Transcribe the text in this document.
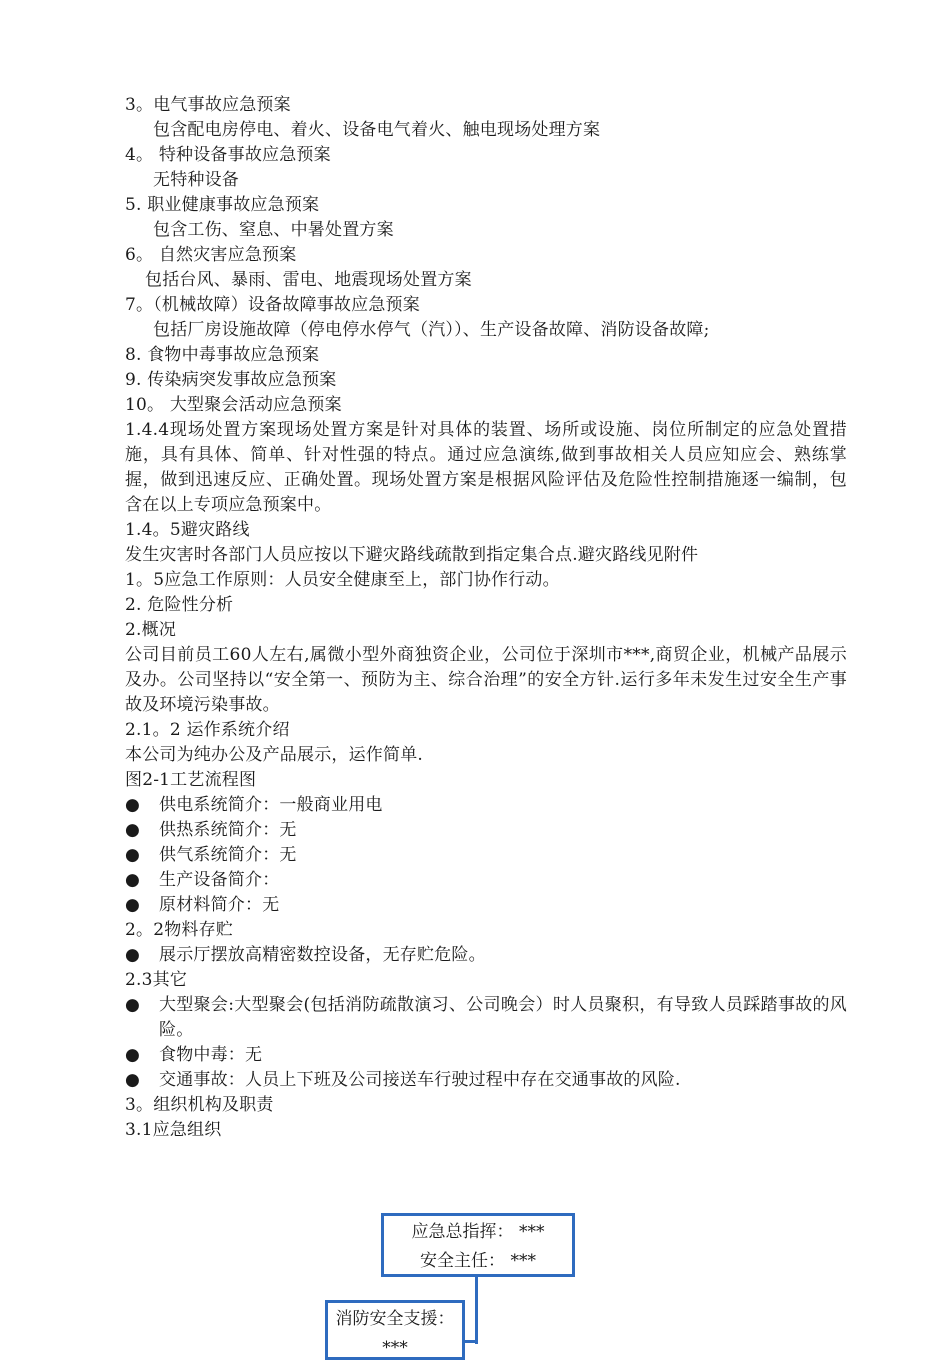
3。电气事故应急预案
包含配电房停电、着火、设备电气着火、触电现场处理方案
4。 特种设备事故应急预案
无特种设备
5. 职业健康事故应急预案
包含工伤、窒息、中暑处置方案
6。 自然灾害应急预案
包括台风、暴雨、雷电、地震现场处置方案
7。（机械故障）设备故障事故应急预案
包括厂房设施故障（停电停水停气（汽））、生产设备故障、消防设备故障;
8. 食物中毒事故应急预案
9. 传染病突发事故应急预案
10。 大型聚会活动应急预案
1.4.4现场处置方案现场处置方案是针对具体的装置、场所或设施、岗位所制定的应急处置措施，具有具体、简单、针对性强的特点。通过应急演练,做到事故相关人员应知应会、熟练掌握，做到迅速反应、正确处置。现场处置方案是根据风险评估及危险性控制措施逐一编制，包含在以上专项应急预案中。
1.4。5避灾路线
发生灾害时各部门人员应按以下避灾路线疏散到指定集合点.避灾路线见附件
1。5应急工作原则：人员安全健康至上，部门协作行动。
2. 危险性分析
2.概况
公司目前员工60人左右,属微小型外商独资企业，公司位于深圳市***,商贸企业，机械产品展示及办。公司坚持以“安全第一、预防为主、综合治理”的安全方针.运行多年未发生过安全生产事故及环境污染事故。
2.1。2 运作系统介绍
本公司为纯办公及产品展示，运作简单.
图2-1工艺流程图
● 供电系统简介：一般商业用电
● 供热系统简介：无
● 供气系统简介：无
● 生产设备简介：
● 原材料简介：无
2。2物料存贮
● 展示厅摆放高精密数控设备，无存贮危险。
2.3其它
● 大型聚会:大型聚会(包括消防疏散演习、公司晚会）时人员聚积，有导致人员踩踏事故的风险。
● 食物中毒：无
● 交通事故：人员上下班及公司接送车行驶过程中存在交通事故的风险.
3。组织机构及职责
3.1应急组织
应急总指挥： ***
安全主任： ***
消防安全支援：
***
